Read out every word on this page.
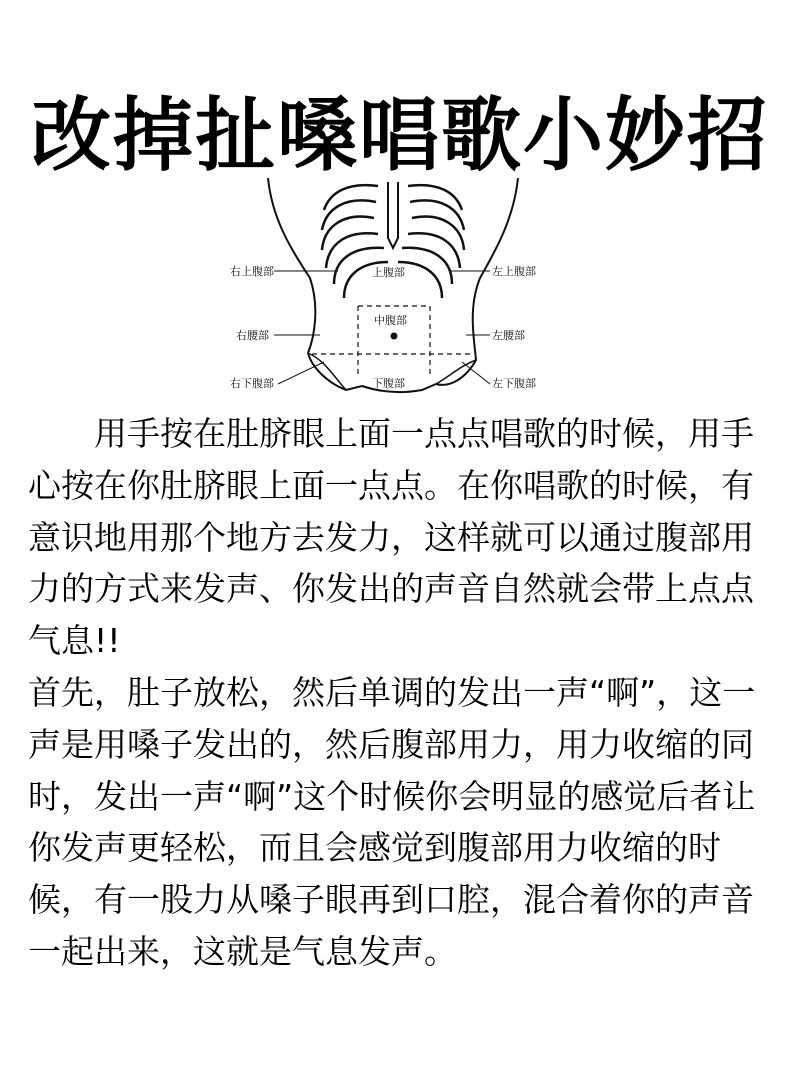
改掉扯嗓唱歌小妙招
右上腹部	上腹部	左上腹部
右腰部
中腹部
左腰部
右下腹部	下腹部	左下腹部

用手按在肚脐眼上面一点点唱歌的时候，用手心按在你肚脐眼上面一点点。在你唱歌的时候，有意识地用那个地方去发力，这样就可以通过腹部用力的方式来发声、你发出的声音自然就会带上点点气息!!

首先，肚子放松，然后单调的发出一声“啊”，这一声是用嗓子发出的，然后腹部用力，用力收缩的同时，发出一声“啊”这个时候你会明显的感觉后者让你发声更轻松，而且会感觉到腹部用力收缩的时候，有一股力从嗓子眼再到口腔，混合着你的声音一起出来，这就是气息发声。
